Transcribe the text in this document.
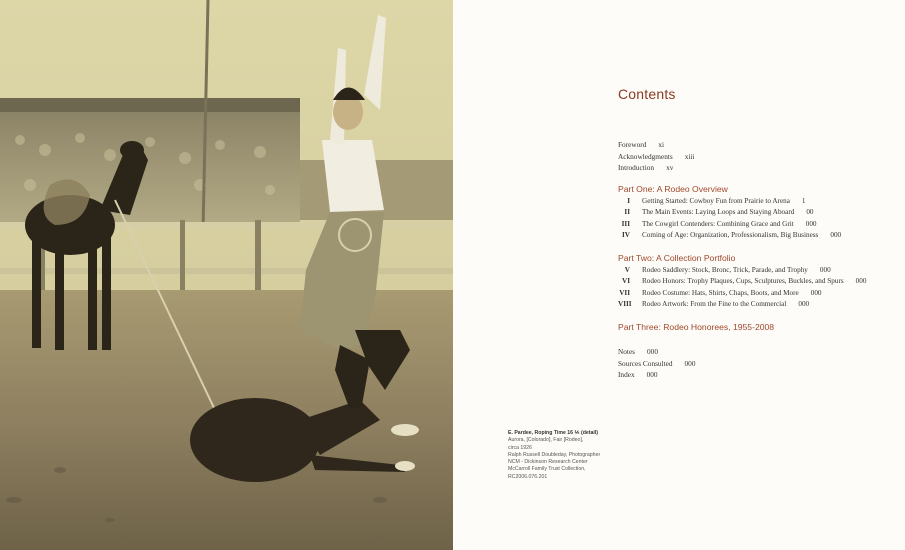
Contents
Foreword xi
Acknowledgments xiii
Introduction xv
Part One: A Rodeo Overview
I Getting Started: Cowboy Fun from Prairie to Arena 1
II The Main Events: Laying Loops and Staying Aboard 00
III The Cowgirl Contenders: Combining Grace and Grit 000
IV Coming of Age: Organization, Professionalism, Big Business 000
Part Two: A Collection Portfolio
V Rodeo Saddlery: Stock, Bronc, Trick, Parade, and Trophy 000
VI Rodeo Honors: Trophy Plaques, Cups, Sculptures, Buckles, and Spurs 000
VII Rodeo Costume: Hats, Shirts, Chaps, Boots, and More 000
VIII Rodeo Artwork: From the Fine to the Commercial 000
Part Three: Rodeo Honorees, 1955-2008
Notes 000
Sources Consulted 000
Index 000
E. Pardee, Roping Time 16 ⅕ (detail)
Aurora, [Colorado], Fair [Rodeo],
circa 1926
Ralph Russell Doubleday, Photographer
NCM - Dickinson Research Center
McCarroll Family Trust Collection,
RC2006.076.201
